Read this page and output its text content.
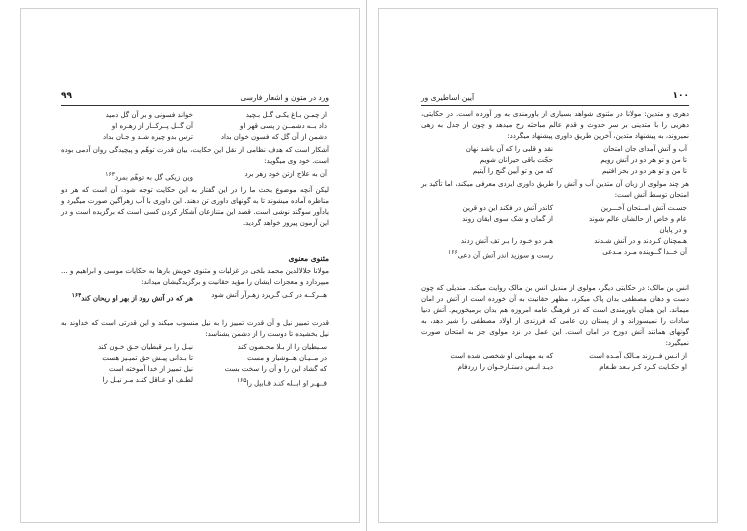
۹۹	ورد در متون و اشعار فارسی
از چمـن بـاغ یکـی گـل بـچید	خواند فسونی و بر آن گل دمید
داد بــه دشمــن ز پسی قهر او	آن گــل پــرکــار از زهـره او
دشمن از آن گل که فسون خوان بداد	ترس بدو چیره شـد و جـان بداد

آشکار است که هدف نظامی از نقل این حکایت، بیان قدرت توهّم و پیچیدگی روان آدمی بوده است. خود وی میگوید:

آن به علاج ازتن خود زهر برد	وین زیکی گل به توهّم بمرد$^{۱۶۳}$

لیکن آنچه موضوع بحث ما را در این گفتار به این حکایت توجه شود، آن است که هر دو مناظره آماده میشوند تا به گونهای داوری تن دهند. این داوری با آب زهرآگین صورت میگیرد و یادآور سوگند نوشی است. قصد این متنازعان آشکار کردن کسی است که برگزیده است و در این آزمون پیروز خواهد گردید.

مثنوی معنوی

مولانا جلالالدین محمد بلخی در غزلیات و مثنوی خویش بارها به حکایات موسی و ابراهیم و ... میپردازد و معجزات ایشان را مؤید حقانیت و برگزیدگیشان میداند:

هــرکــه در کـی گـریزد زهـرآر آتش شود	هر که در آتش رود از بهر او ریحان کند$^{۱۶۴}$

قدرت تمییز نیل و آن قدرت تمییز را به نیل منسوب میکند و این قدرتی است که خداوند به نیل بخشیده تا دوست را از دشمن بشناسد:

سـبطیان را از بـلا محـصون کند	نیـل را بـر قبطیان حـق خـون کند
در مــیـان هــوشیار و مست	تا بـدانی پیـش حق تمیـیز هست
که گشاد این را و آن را سخت بست	نیل تمییز از خدا آموخته است
قــهـر او ابــله کنـد قـابیل را$^{۱۶۵}$	لطـف او عـاقل کنـد مـر نیـل را
۱۰۰
آیین اساطیری ور

دهری و متدین: مولانا در مثنوی شواهد بسیاری از باورمندی به ور آورده است. در حکایتی، دهریی را با متدینی بر سر حدوث و قدم عالم مباحثه رخ میدهد و چون از جدل به زهی نمیروند، به پیشنهاد متدین، آخرین طریق داوری پیشنهاد میگردد:

آب و آتش آمدای جان امتحان	نقد و قلبی را که آن باشد نهان
تا من و تو هر دو در آتش رویم	حجّت باقی حیرانان شویم
تا من و تو هر دو در بحر افتیم	که من و تو آیین گنج را آیتیم

هر چند مولوی از زبان آن متدین آب و آتش را طریق داوری ایزدی معرفی میکند، اما تأکید بر امتحان توسط آتش است:

جسـت آتش امــتحان آخـــرین	کاندر آتش در فکند این دو قرین
عام و خاص از حالشان عالم شوند	از گمان و شک سوی ایقان روند
و در پایان	
هـمچنان کـردند و در آتش شـدند	هـر دو خـود را بـر تف آتش زدند
آن خــدا گــوینده مـرد مـدعی	رست و سوزید اندر آتش آن دعی$^{۱۶۶}$

انس بن مالک: در حکایتی دیگر، مولوی از مندیل انس بن مالک روایت میکند. مندیلی که چون دست و دهان مصطفی بدان پاک میکرد، مظهر حقانیت به آن خورده است از آتش در امان میماند. این همان باورمندی است که در فرهنگ عامه امروزه هم بدان برمیخوریم. آتش دنیا سادات را نمیسوزاند و از پستان زن عامی که فرزندی از اولاد مصطفی را شیر دهد، به گونهای همانند آتش دوزخ در امان است. این عمل در نزد مولوی جز به امتحان صورت نمیگیرد:

از انـس فــرزند مـالک آمـده است	که به مهمانی او شخصی شده است
او حکـایت کـرد کـز بـعد طـعام	دیـد انـس دستـارخـوان را زردفام
